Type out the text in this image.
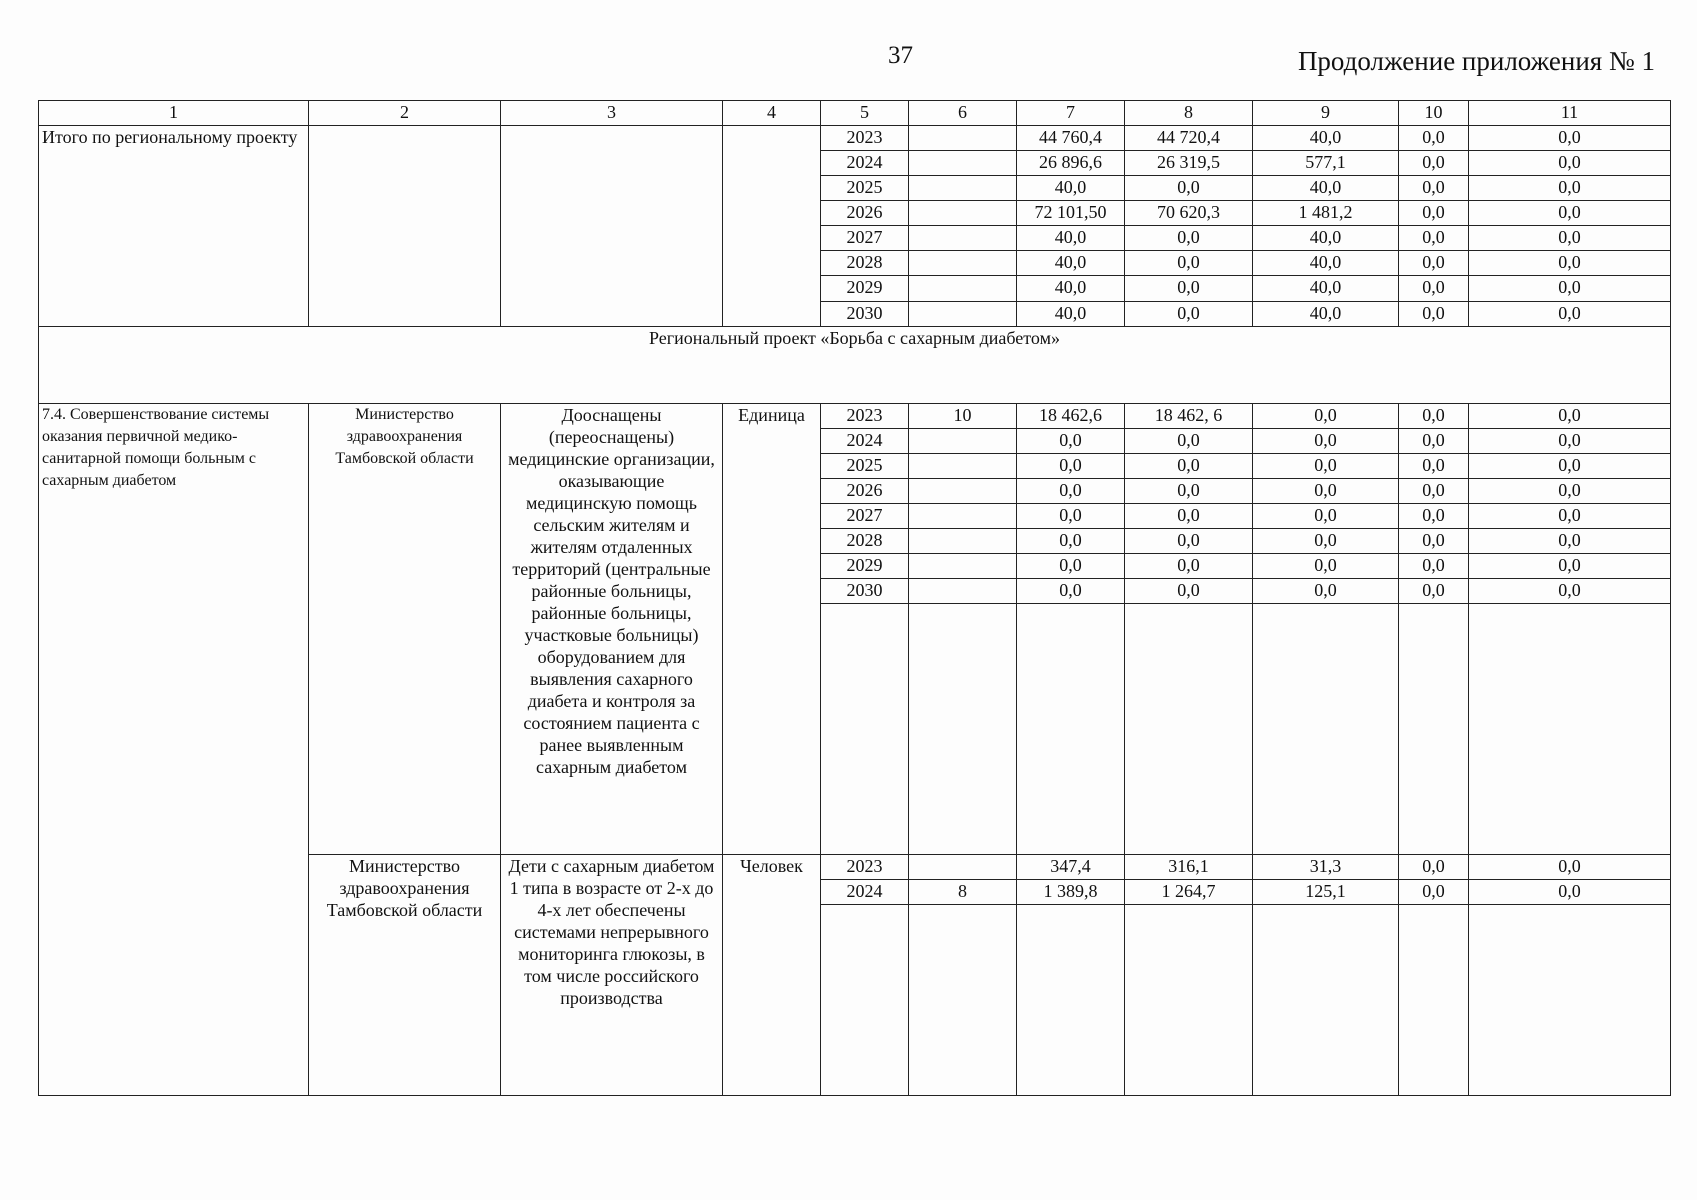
37	Продолжение приложения № 1
1	2	3	4	5	6	7	8	9	10	11
Итого по региональному проекту				2023		44 760,4	44 720,4	40,0	0,0	0,0
				2024		26 896,6	26 319,5	577,1	0,0	0,0
				2025		40,0	0,0	40,0	0,0	0,0
				2026		72 101,50	70 620,3	1 481,2	0,0	0,0
				2027		40,0	0,0	40,0	0,0	0,0
				2028		40,0	0,0	40,0	0,0	0,0
				2029		40,0	0,0	40,0	0,0	0,0
				2030		40,0	0,0	40,0	0,0	0,0
Региональный проект «Борьба с сахарным диабетом»										
7.4. Совершенствование системы оказания первичной медико-санитарной помощи больным с сахарным диабетом	Министерство здравоохранения Тамбовской области	Дооснащены (переоснащены) медицинские организации, оказывающие медицинскую помощь сельским жителям и жителям отдаленных территорий (центральные районные больницы, районные больницы, участковые больницы) оборудованием для выявления сахарного диабета и контроля за состоянием пациента с ранее выявленным сахарным диабетом	Единица	2023	10	18 462,6	18 462, 6	0,0	0,0	0,0
				2024		0,0	0,0	0,0	0,0	0,0
				2025		0,0	0,0	0,0	0,0	0,0
				2026		0,0	0,0	0,0	0,0	0,0
				2027		0,0	0,0	0,0	0,0	0,0
				2028		0,0	0,0	0,0	0,0	0,0
				2029		0,0	0,0	0,0	0,0	0,0
				2030		0,0	0,0	0,0	0,0	0,0

	Министерство здравоохранения Тамбовской области	Дети с сахарным диабетом 1 типа в возрасте от 2-х до 4-х лет обеспечены системами непрерывного мониторинга глюкозы, в том числе российского производства	Человек	2023		347,4	316,1	31,3	0,0	0,0
				2024	8	1 389,8	1 264,7	125,1	0,0	0,0
